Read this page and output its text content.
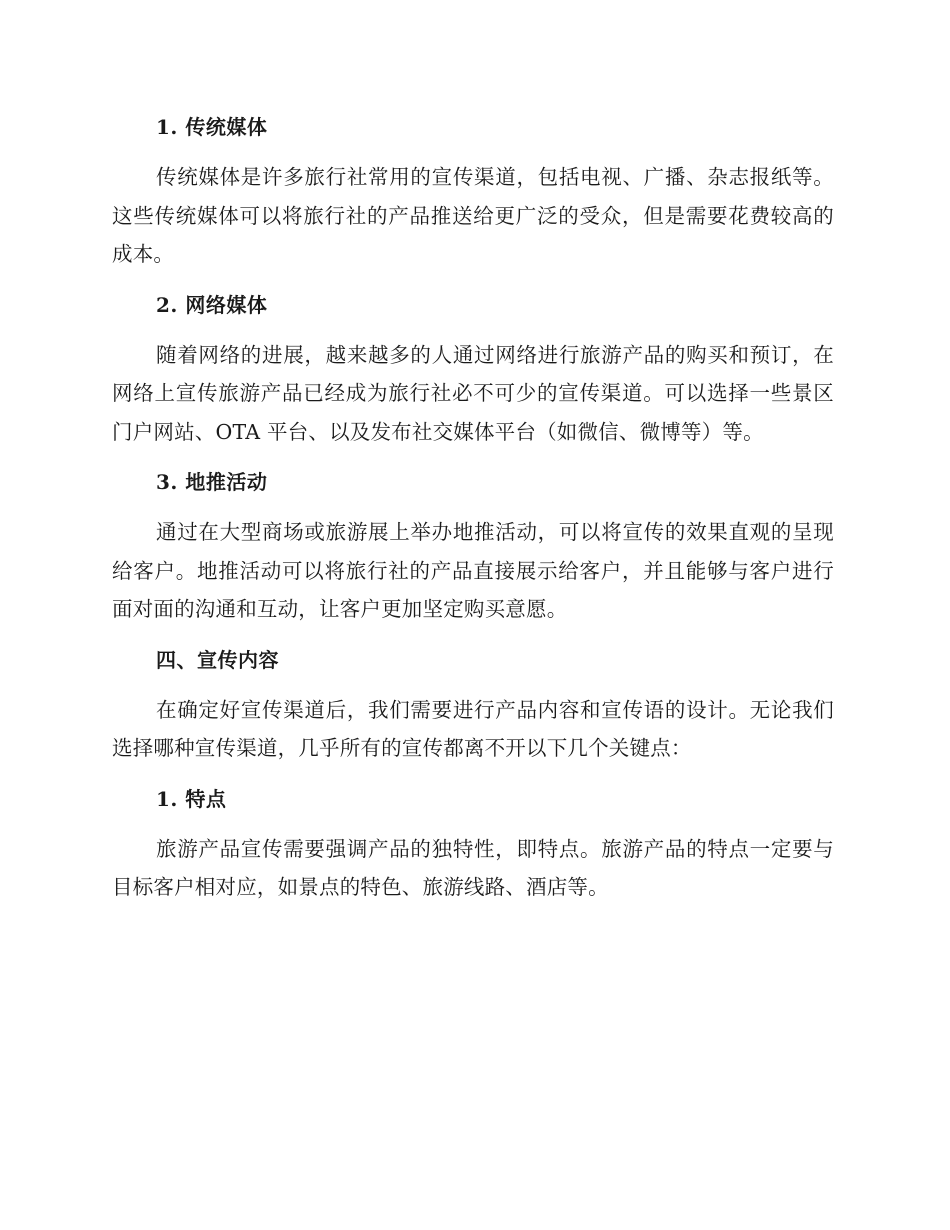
1. 传统媒体

传统媒体是许多旅行社常用的宣传渠道，包括电视、广播、杂志报纸等。这些传统媒体可以将旅行社的产品推送给更广泛的受众，但是需要花费较高的成本。

2. 网络媒体

随着网络的进展，越来越多的人通过网络进行旅游产品的购买和预订，在网络上宣传旅游产品已经成为旅行社必不可少的宣传渠道。可以选择一些景区门户网站、OTA 平台、以及发布社交媒体平台（如微信、微博等）等。

3. 地推活动

通过在大型商场或旅游展上举办地推活动，可以将宣传的效果直观的呈现给客户。地推活动可以将旅行社的产品直接展示给客户，并且能够与客户进行面对面的沟通和互动，让客户更加坚定购买意愿。

四、宣传内容

在确定好宣传渠道后，我们需要进行产品内容和宣传语的设计。无论我们选择哪种宣传渠道，几乎所有的宣传都离不开以下几个关键点：

1. 特点

旅游产品宣传需要强调产品的独特性，即特点。旅游产品的特点一定要与目标客户相对应，如景点的特色、旅游线路、酒店等。
